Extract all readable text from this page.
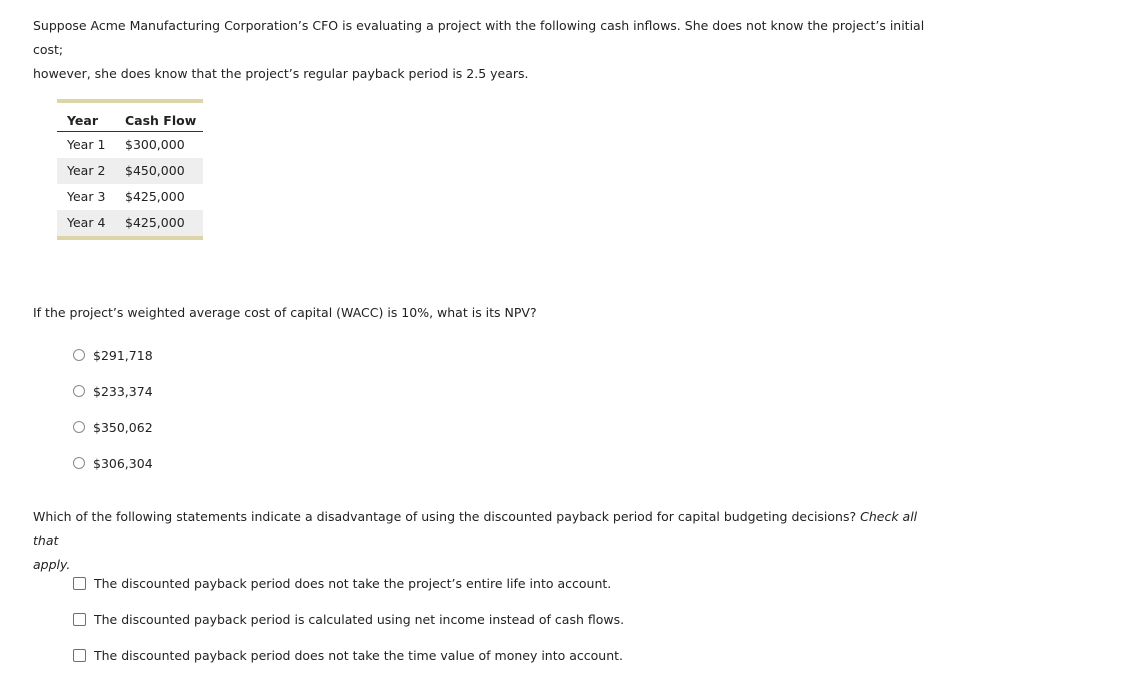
Suppose Acme Manufacturing Corporation’s CFO is evaluating a project with the following cash inflows. She does not know the project’s initial cost;
however, she does know that the project’s regular payback period is 2.5 years.

Year	Cash Flow
Year 1	$300,000
Year 2	$450,000
Year 3	$425,000
Year 4	$425,000

If the project’s weighted average cost of capital (WACC) is 10%, what is its NPV?

$291,718
$233,374
$350,062
$306,304

Which of the following statements indicate a disadvantage of using the discounted payback period for capital budgeting decisions? Check all that
apply.

The discounted payback period does not take the project’s entire life into account.
The discounted payback period is calculated using net income instead of cash flows.
The discounted payback period does not take the time value of money into account.
